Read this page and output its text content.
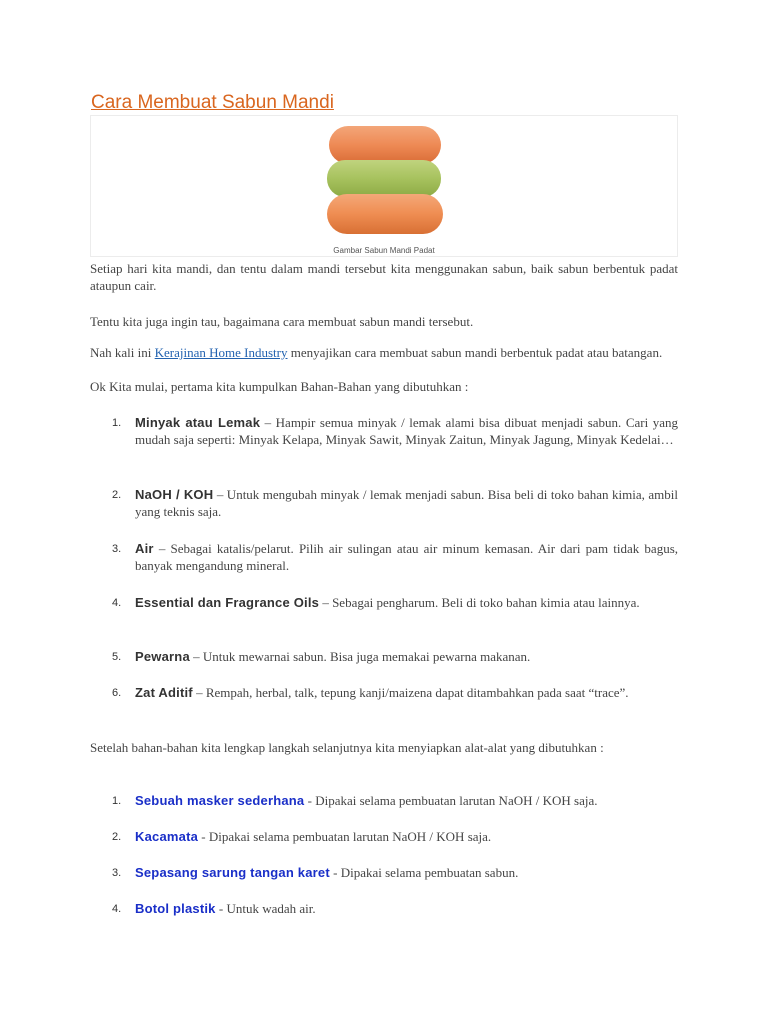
Cara Membuat Sabun Mandi
Gambar Sabun Mandi Padat

Setiap hari kita mandi, dan tentu dalam mandi tersebut kita menggunakan sabun, baik sabun berbentuk padat ataupun cair.

Tentu kita juga ingin tau, bagaimana cara membuat sabun mandi tersebut.

Nah kali ini Kerajinan Home Industry menyajikan cara membuat sabun mandi berbentuk padat atau batangan.

Ok Kita mulai, pertama kita kumpulkan Bahan-Bahan yang dibutuhkan :

1. Minyak atau Lemak – Hampir semua minyak / lemak alami bisa dibuat menjadi sabun. Cari yang mudah saja seperti: Minyak Kelapa, Minyak Sawit, Minyak Zaitun, Minyak Jagung, Minyak Kedelai…
2. NaOH / KOH – Untuk mengubah minyak / lemak menjadi sabun. Bisa beli di toko bahan kimia, ambil yang teknis saja.
3. Air – Sebagai katalis/pelarut. Pilih air sulingan atau air minum kemasan. Air dari pam tidak bagus, banyak mengandung mineral.
4. Essential dan Fragrance Oils – Sebagai pengharum. Beli di toko bahan kimia atau lainnya.
5. Pewarna – Untuk mewarnai sabun. Bisa juga memakai pewarna makanan.
6. Zat Aditif – Rempah, herbal, talk, tepung kanji/maizena dapat ditambahkan pada saat “trace”.

Setelah bahan-bahan kita lengkap langkah selanjutnya kita menyiapkan alat-alat yang dibutuhkan :

1. Sebuah masker sederhana - Dipakai selama pembuatan larutan NaOH / KOH saja.
2. Kacamata - Dipakai selama pembuatan larutan NaOH / KOH saja.
3. Sepasang sarung tangan karet - Dipakai selama pembuatan sabun.
4. Botol plastik - Untuk wadah air.
